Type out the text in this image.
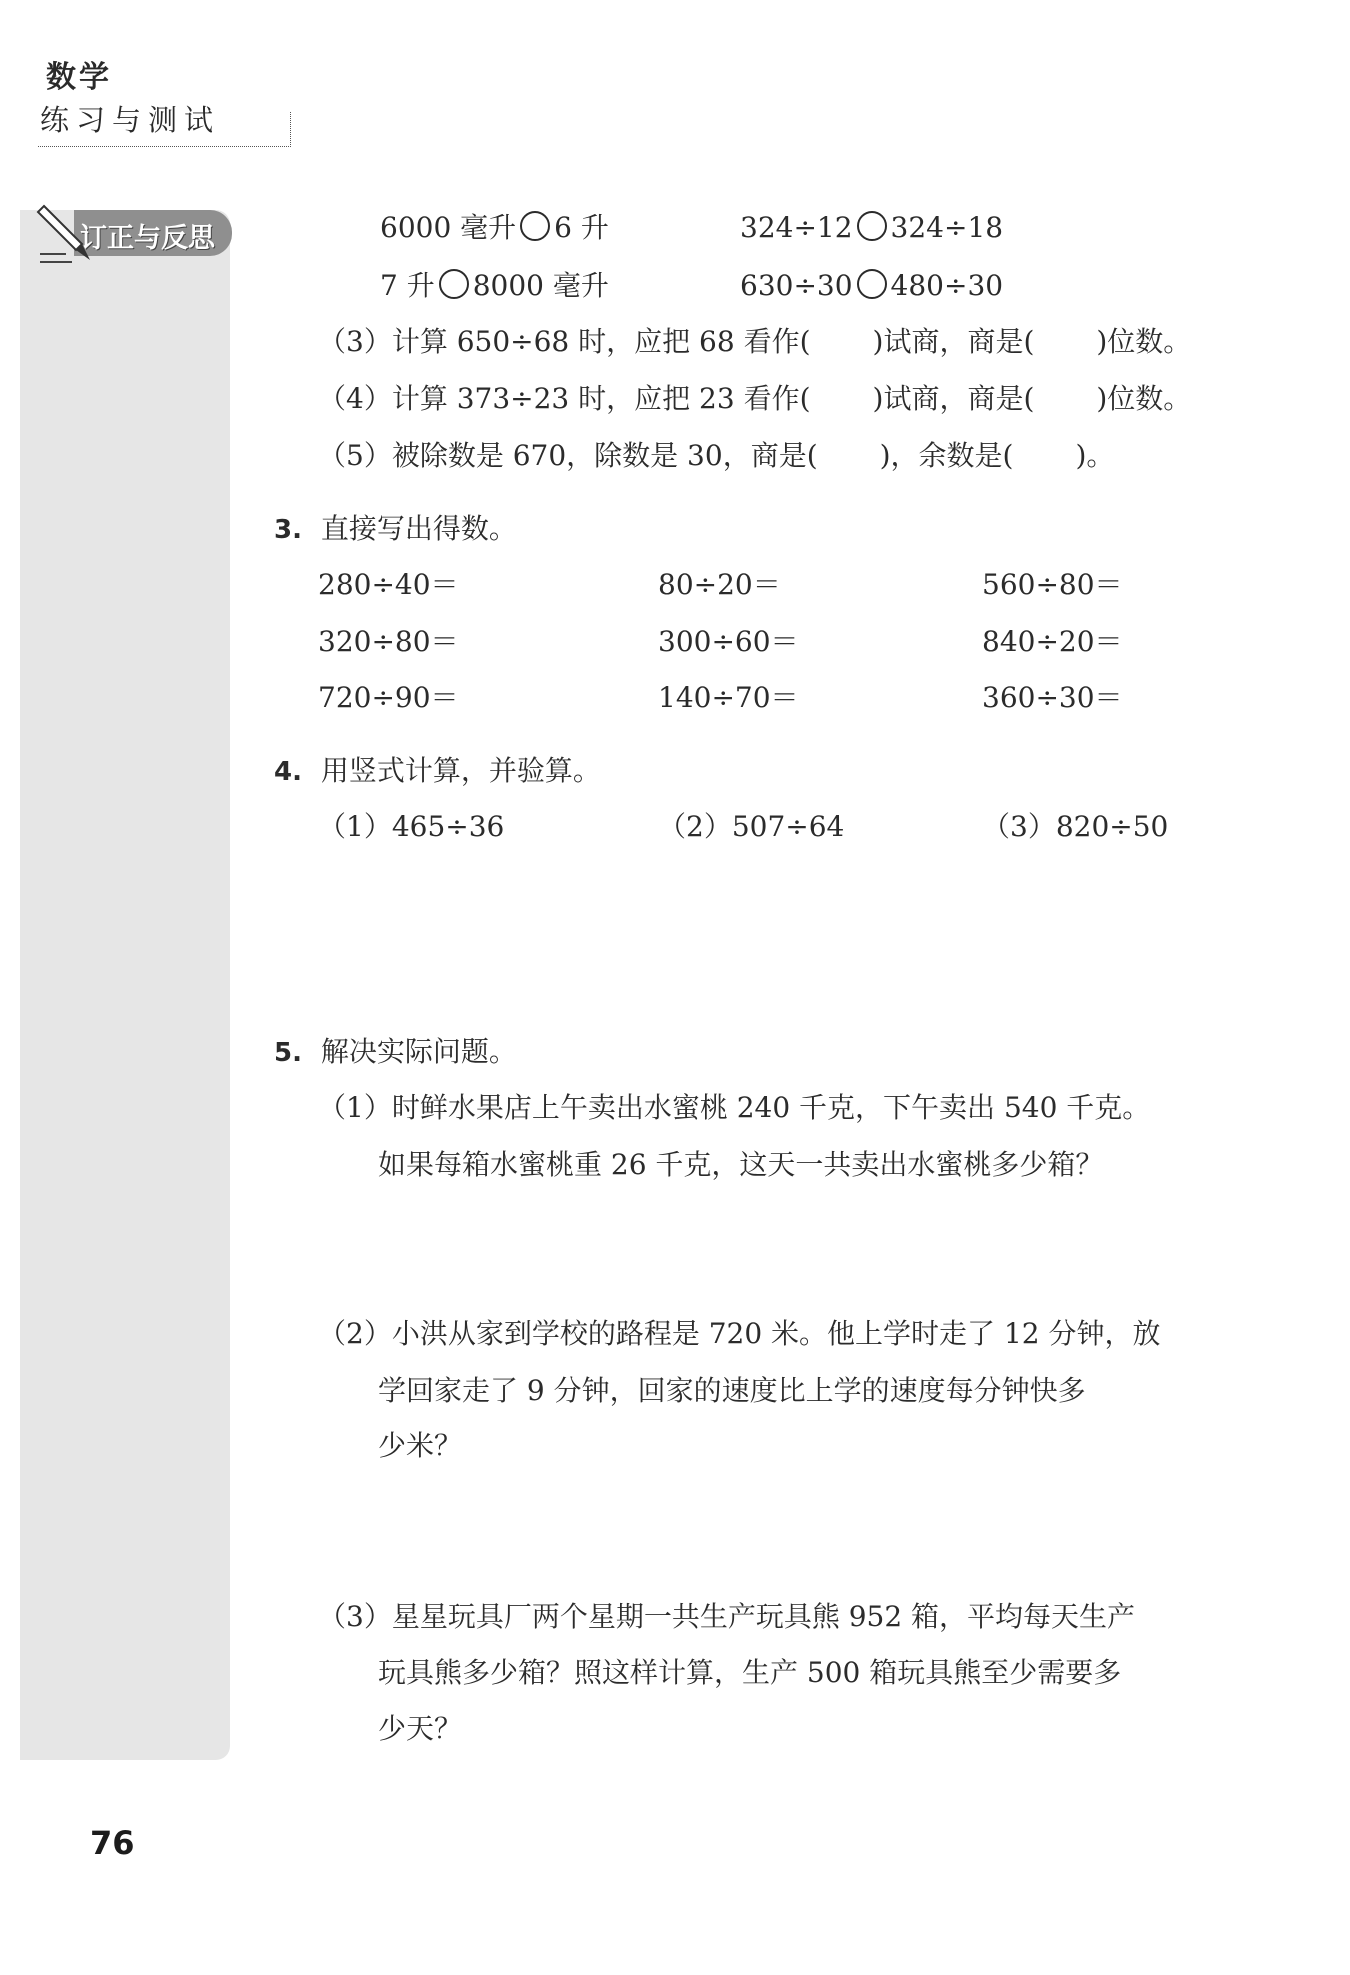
数学
练习与测试
订正与反思	6000 毫升 6 升	324÷12 324÷18
7 升 8000 毫升	630÷30 480÷30
（3）计算 650÷68 时，应把 68 看作( )试商，商是( )位数。
（4）计算 373÷23 时，应把 23 看作( )试商，商是( )位数。
（5）被除数是 670，除数是 30，商是( )，余数是( )。
3. 直接写出得数。
280÷40＝	80÷20＝	560÷80＝
320÷80＝	300÷60＝	840÷20＝
720÷90＝	140÷70＝	360÷30＝
4. 用竖式计算，并验算。
（1）465÷36	（2）507÷64	（3）820÷50
5. 解决实际问题。
（1）时鲜水果店上午卖出水蜜桃 240 千克，下午卖出 540 千克。
如果每箱水蜜桃重 26 千克，这天一共卖出水蜜桃多少箱？
（2）小洪从家到学校的路程是 720 米。他上学时走了 12 分钟，放
学回家走了 9 分钟，回家的速度比上学的速度每分钟快多
少米？
（3）星星玩具厂两个星期一共生产玩具熊 952 箱，平均每天生产
玩具熊多少箱？照这样计算，生产 500 箱玩具熊至少需要多
少天？
76
